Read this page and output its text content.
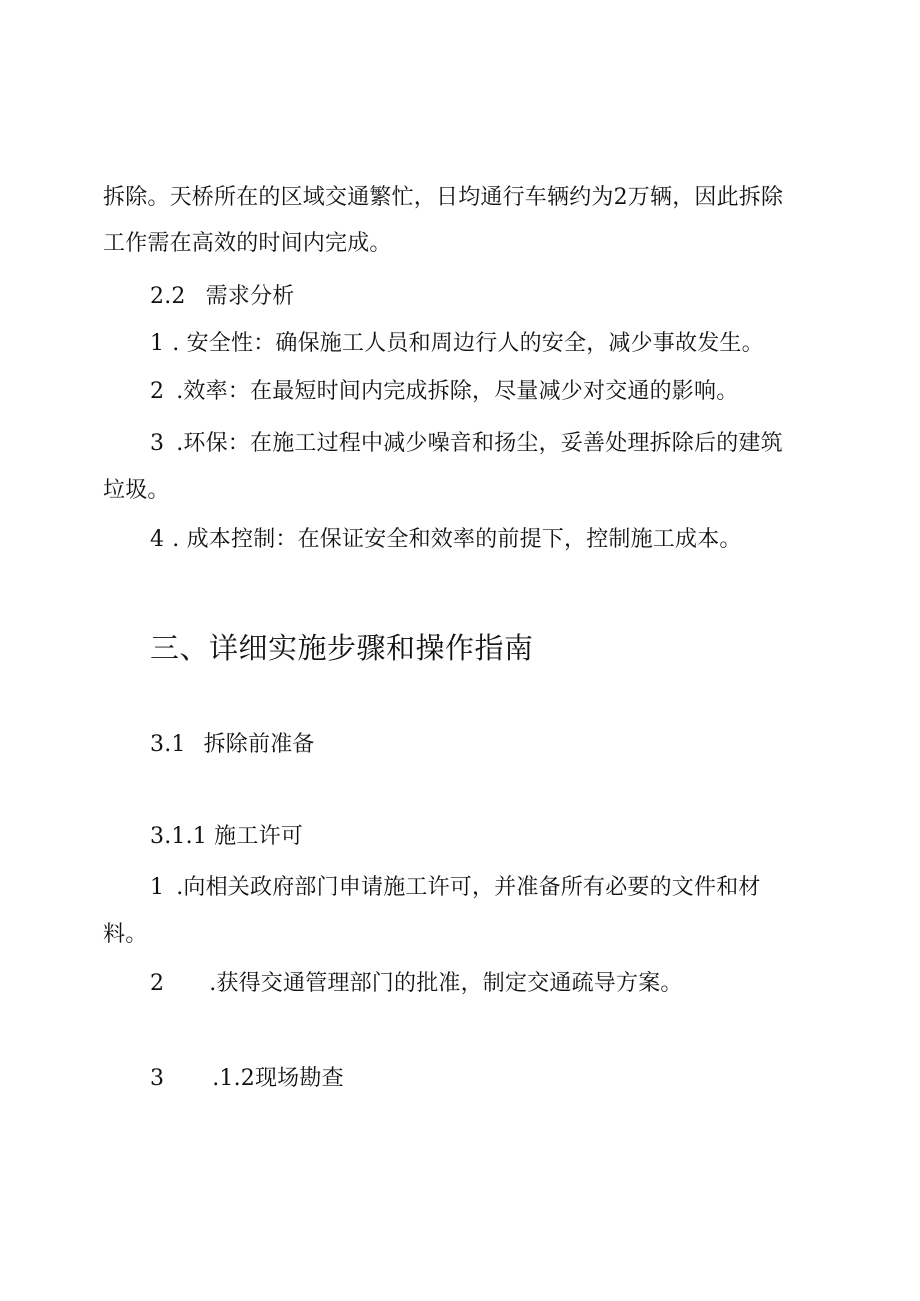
拆除。天桥所在的区域交通繁忙，日均通行车辆约为2万辆，因此拆除
工作需在高效的时间内完成。
2.2 需求分析
1 . 安全性：确保施工人员和周边行人的安全，减少事故发生。
2 .效率：在最短时间内完成拆除，尽量减少对交通的影响。
3 .环保：在施工过程中减少噪音和扬尘，妥善处理拆除后的建筑
垃圾。
4 . 成本控制：在保证安全和效率的前提下，控制施工成本。
三、详细实施步骤和操作指南
3.1 拆除前准备
3.1.1 施工许可
1 .向相关政府部门申请施工许可，并准备所有必要的文件和材
料。
2 .获得交通管理部门的批准，制定交通疏导方案。
3 .1.2现场勘查
